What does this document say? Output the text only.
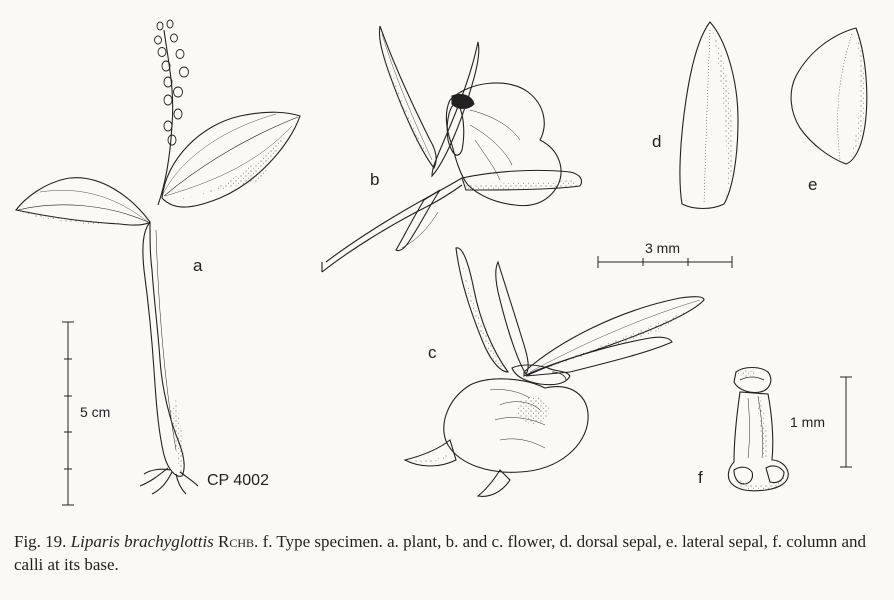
a
b
c
d
e
f
5 cm
3 mm
1 mm
CP 4002
Fig. 19. Liparis brachyglottis Rchb. f. Type specimen. a. plant, b. and c. flower, d. dorsal sepal, e. lateral sepal, f. column and calli at its base.
